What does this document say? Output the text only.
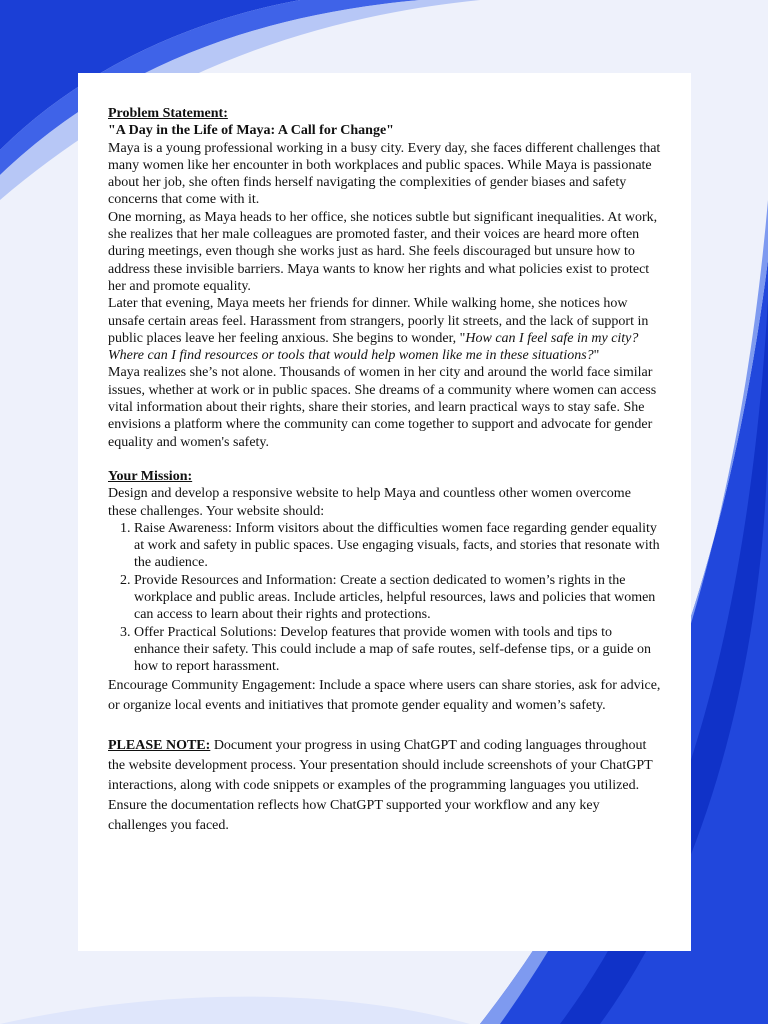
Problem Statement:

"A Day in the Life of Maya: A Call for Change"

Maya is a young professional working in a busy city. Every day, she faces different challenges that many women like her encounter in both workplaces and public spaces. While Maya is passionate about her job, she often finds herself navigating the complexities of gender biases and safety concerns that come with it.

One morning, as Maya heads to her office, she notices subtle but significant inequalities. At work, she realizes that her male colleagues are promoted faster, and their voices are heard more often during meetings, even though she works just as hard. She feels discouraged but unsure how to address these invisible barriers. Maya wants to know her rights and what policies exist to protect her and promote equality.

Later that evening, Maya meets her friends for dinner. While walking home, she notices how unsafe certain areas feel. Harassment from strangers, poorly lit streets, and the lack of support in public places leave her feeling anxious. She begins to wonder, "How can I feel safe in my city? Where can I find resources or tools that would help women like me in these situations?"

Maya realizes she’s not alone. Thousands of women in her city and around the world face similar issues, whether at work or in public spaces. She dreams of a community where women can access vital information about their rights, share their stories, and learn practical ways to stay safe. She envisions a platform where the community can come together to support and advocate for gender equality and women's safety.

Your Mission:

Design and develop a responsive website to help Maya and countless other women overcome these challenges. Your website should:

1. Raise Awareness: Inform visitors about the difficulties women face regarding gender equality at work and safety in public spaces. Use engaging visuals, facts, and stories that resonate with the audience.
2. Provide Resources and Information: Create a section dedicated to women’s rights in the workplace and public areas. Include articles, helpful resources, laws and policies that women can access to learn about their rights and protections.
3. Offer Practical Solutions: Develop features that provide women with tools and tips to enhance their safety. This could include a map of safe routes, self-defense tips, or a guide on how to report harassment.

Encourage Community Engagement: Include a space where users can share stories, ask for advice, or organize local events and initiatives that promote gender equality and women’s safety.

PLEASE NOTE: Document your progress in using ChatGPT and coding languages throughout the website development process. Your presentation should include screenshots of your ChatGPT interactions, along with code snippets or examples of the programming languages you utilized. Ensure the documentation reflects how ChatGPT supported your workflow and any key challenges you faced.
